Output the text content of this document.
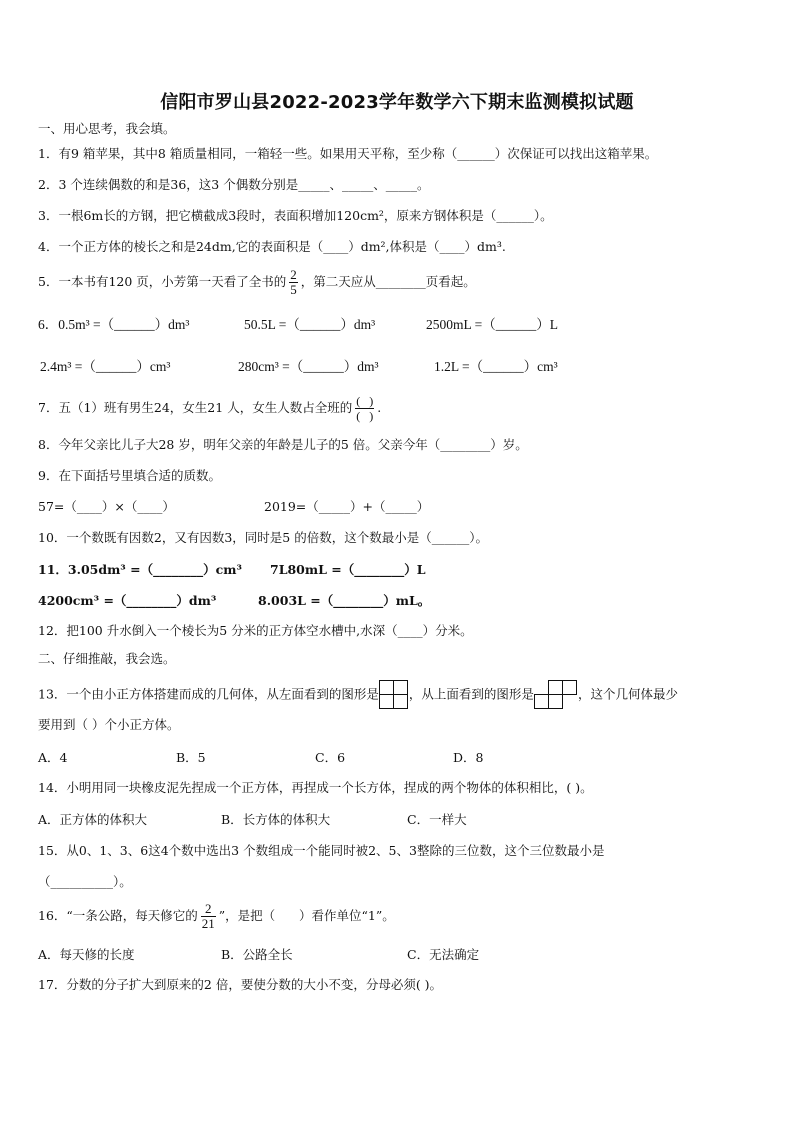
信阳市罗山县2022-2023学年数学六下期末监测模拟试题
一、用心思考，我会填。
1．有9 箱苹果，其中8 箱质量相同，一箱轻一些。如果用天平称，至少称（______）次保证可以找出这箱苹果。
2．3 个连续偶数的和是36，这3 个偶数分别是_____、_____、_____。
3．一根6m长的方钢，把它横截成3段时，表面积增加120cm²，原来方钢体积是（______）。
4．一个正方体的棱长之和是24dm,它的表面积是（____）dm²,体积是（____）dm³.
5．一本书有120 页，小芳第一天看了全书的 $\frac{2}{5}$ ，第二天应从________页看起。
6．0.5m³ =（______）dm³	50.5L =（______）dm³	2500mL =（______）L
2.4m³ =（______）cm³	280cm³ =（______）dm³	1.2L =（______）cm³
7．五（1）班有男生24，女生21 人，女生人数占全班的 $\frac{( )}{( )}$ .
8．今年父亲比儿子大28 岁，明年父亲的年龄是儿子的5 倍。父亲今年（________）岁。
9．在下面括号里填合适的质数。
57=（____）×（____）	2019=（_____）+（_____）
10．一个数既有因数2，又有因数3，同时是5 的倍数，这个数最小是（______）。
11．3.05dm³ =（________）cm³ 7L80mL =（________）L
4200cm³ =（________）dm³	8.003L =（________）mL。
12．把100 升水倒入一个棱长为5 分米的正方体空水槽中,水深（____）分米。
二、仔细推敲，我会选。
13．一个由小正方体搭建而成的几何体，从左面看到的图形是 ，从上面看到的图形是	，这个几何体最少
要用到（ ）个小正方体。
A．4	B．5	C．6	D．8
14．小明用同一块橡皮泥先捏成一个正方体，再捏成一个长方体，捏成的两个物体的体积相比，( )。
A．正方体的体积大	B．长方体的体积大	C．一样大
15．从0、1、3、6这4个数中选出3 个数组成一个能同时被2、5、3整除的三位数，这个三位数最小是
（__________）。
16．“一条公路，每天修它的 $\frac{2}{21}$ ”，是把（      ）看作单位“1”。
A．每天修的长度	B．公路全长	C．无法确定
17．分数的分子扩大到原来的2 倍，要使分数的大小不变，分母必须( )。
